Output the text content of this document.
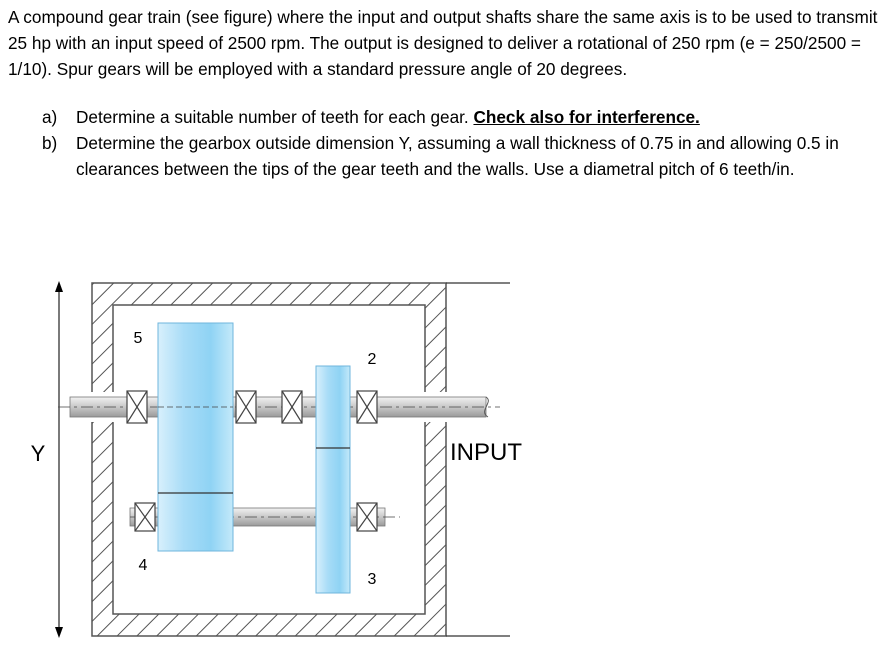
A compound gear train (see figure) where the input and output shafts share the same axis is to be used to transmit 25 hp with an input speed of 2500 rpm. The output is designed to deliver a rotational of 250 rpm (e = 250/2500 = 1/10). Spur gears will be employed with a standard pressure angle of 20 degrees.

a) Determine a suitable number of teeth for each gear. Check also for interference.
b) Determine the gearbox outside dimension Y, assuming a wall thickness of 0.75 in and allowing 0.5 in clearances between the tips of the gear teeth and the walls. Use a diametral pitch of 6 teeth/in.
Y
5
2
4
3
INPUT
